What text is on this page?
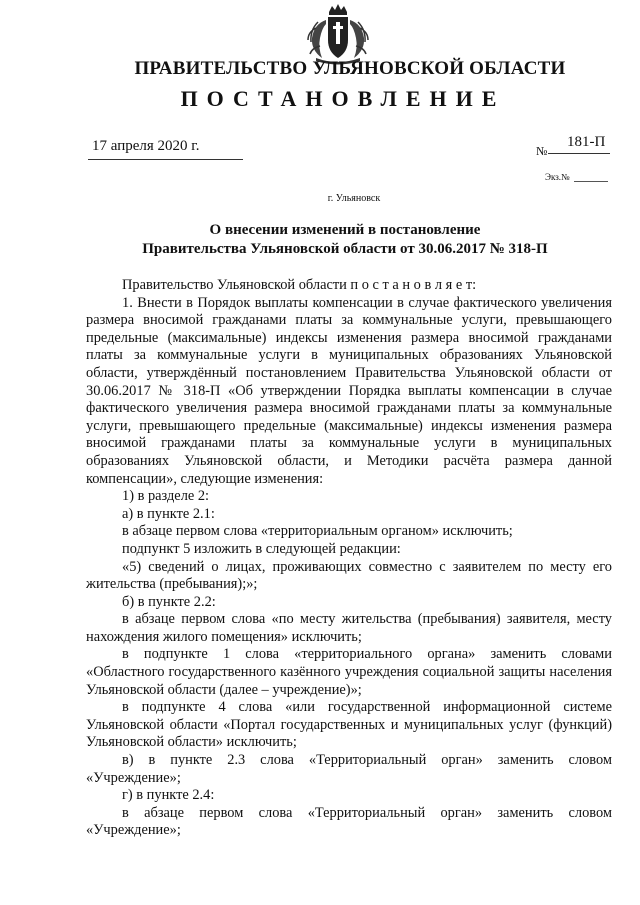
ПРАВИТЕЛЬСТВО УЛЬЯНОВСКОЙ ОБЛАСТИ
ПОСТАНОВЛЕНИЕ
17 апреля 2020 г.	№
181-П
Экз.№
г. Ульяновск
О внесении изменений в постановление
Правительства Ульяновской области от 30.06.2017 № 318-П

Правительство Ульяновской области п о с т а н о в л я е т:

1. Внести в Порядок выплаты компенсации в случае фактического увеличения размера вносимой гражданами платы за коммунальные услуги, превышающего предельные (максимальные) индексы изменения размера вносимой гражданами платы за коммунальные услуги в муниципальных образованиях Ульяновской области, утверждённый постановлением Правительства Ульяновской области от 30.06.2017 № 318-П «Об утверждении Порядка выплаты компенсации в случае фактического увеличения размера вносимой гражданами платы за коммунальные услуги, превышающего предельные (максимальные) индексы изменения размера вносимой гражданами платы за коммунальные услуги в муниципальных образованиях Ульяновской области, и Методики расчёта размера данной компенсации», следующие изменения:

1) в разделе 2:

а) в пункте 2.1:

в абзаце первом слова «территориальным органом» исключить;

подпункт 5 изложить в следующей редакции:

«5) сведений о лицах, проживающих совместно с заявителем по месту его жительства (пребывания);»;

б) в пункте 2.2:

в абзаце первом слова «по месту жительства (пребывания) заявителя, месту нахождения жилого помещения» исключить;

в подпункте 1 слова «территориального органа» заменить словами «Областного государственного казённого учреждения социальной защиты населения Ульяновской области (далее – учреждение)»;

в подпункте 4 слова «или государственной информационной системе Ульяновской области «Портал государственных и муниципальных услуг (функций) Ульяновской области» исключить;

в) в пункте 2.3 слова «Территориальный орган» заменить словом «Учреждение»;

г) в пункте 2.4:

в абзаце первом слова «Территориальный орган» заменить словом «Учреждение»;
